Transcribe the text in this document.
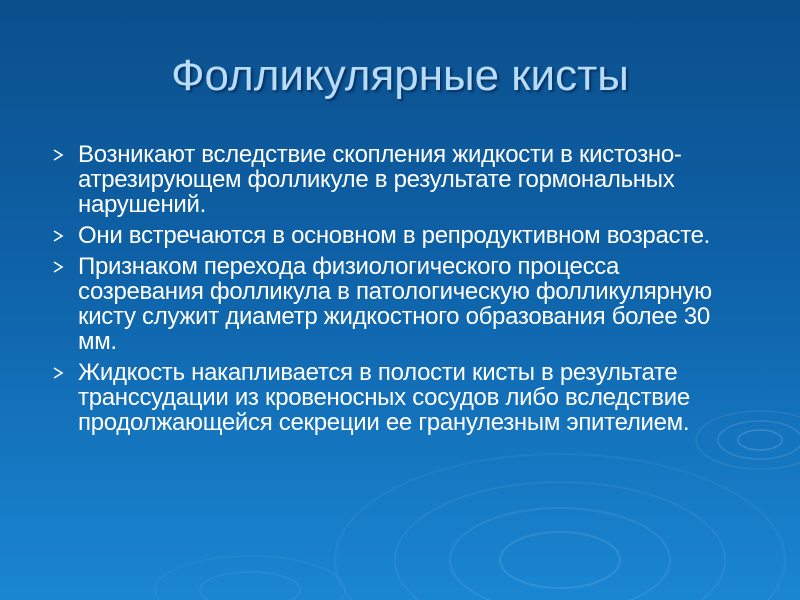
Фолликулярные кисты
Возникают вследствие скопления жидкости в кистозно-атрезирующем фолликуле в результате гормональных нарушений.
Они встречаются в основном в репродуктивном возрасте.
Признаком перехода физиологического процесса созревания фолликула в патологическую фолликулярную кисту служит диаметр жидкостного образования более 30 мм.
Жидкость накапливается в полости кисты в результате транссудации из кровеносных сосудов либо вследствие продолжающейся секреции ее гранулезным эпителием.
